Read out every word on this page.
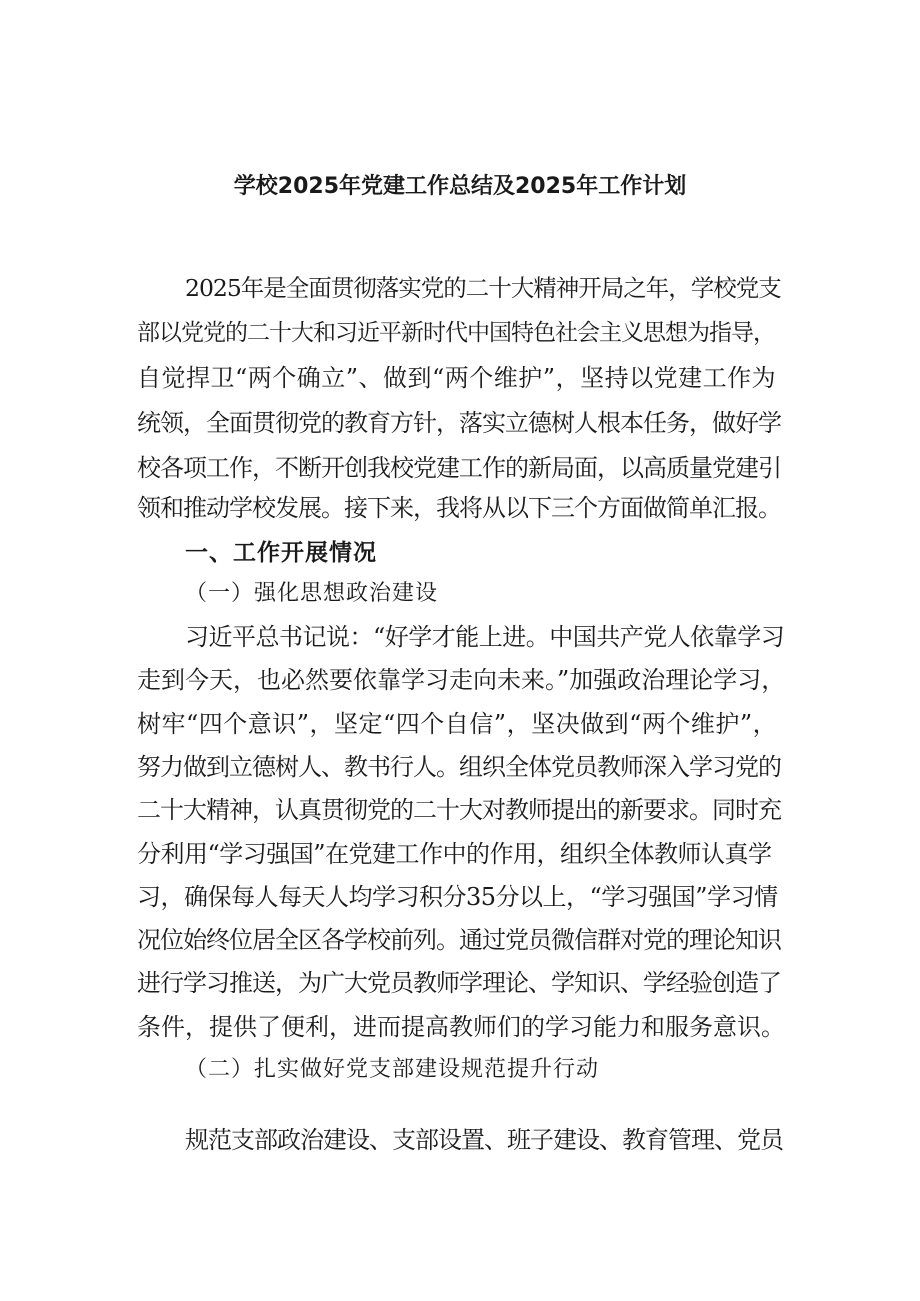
学校2025年党建工作总结及2025年工作计划
2025年是全面贯彻落实党的二十大精神开局之年，学校党支
部以党党的二十大和习近平新时代中国特色社会主义思想为指导，
自觉捍卫“两个确立”、做到“两个维护”，坚持以党建工作为
统领，全面贯彻党的教育方针，落实立德树人根本任务，做好学
校各项工作，不断开创我校党建工作的新局面，以高质量党建引
领和推动学校发展。接下来，我将从以下三个方面做简单汇报。
一、工作开展情况
（一）强化思想政治建设
习近平总书记说：“好学才能上进。中国共产党人依靠学习
走到今天，也必然要依靠学习走向未来。”加强政治理论学习，
树牢“四个意识”，坚定“四个自信”，坚决做到“两个维护”，
努力做到立德树人、教书行人。组织全体党员教师深入学习党的
二十大精神，认真贯彻党的二十大对教师提出的新要求。同时充
分利用“学习强国”在党建工作中的作用，组织全体教师认真学
习，确保每人每天人均学习积分35分以上，“学习强国”学习情
况位始终位居全区各学校前列。通过党员微信群对党的理论知识
进行学习推送，为广大党员教师学理论、学知识、学经验创造了
条件，提供了便利，进而提高教师们的学习能力和服务意识。
（二）扎实做好党支部建设规范提升行动
规范支部政治建设、支部设置、班子建设、教育管理、党员
